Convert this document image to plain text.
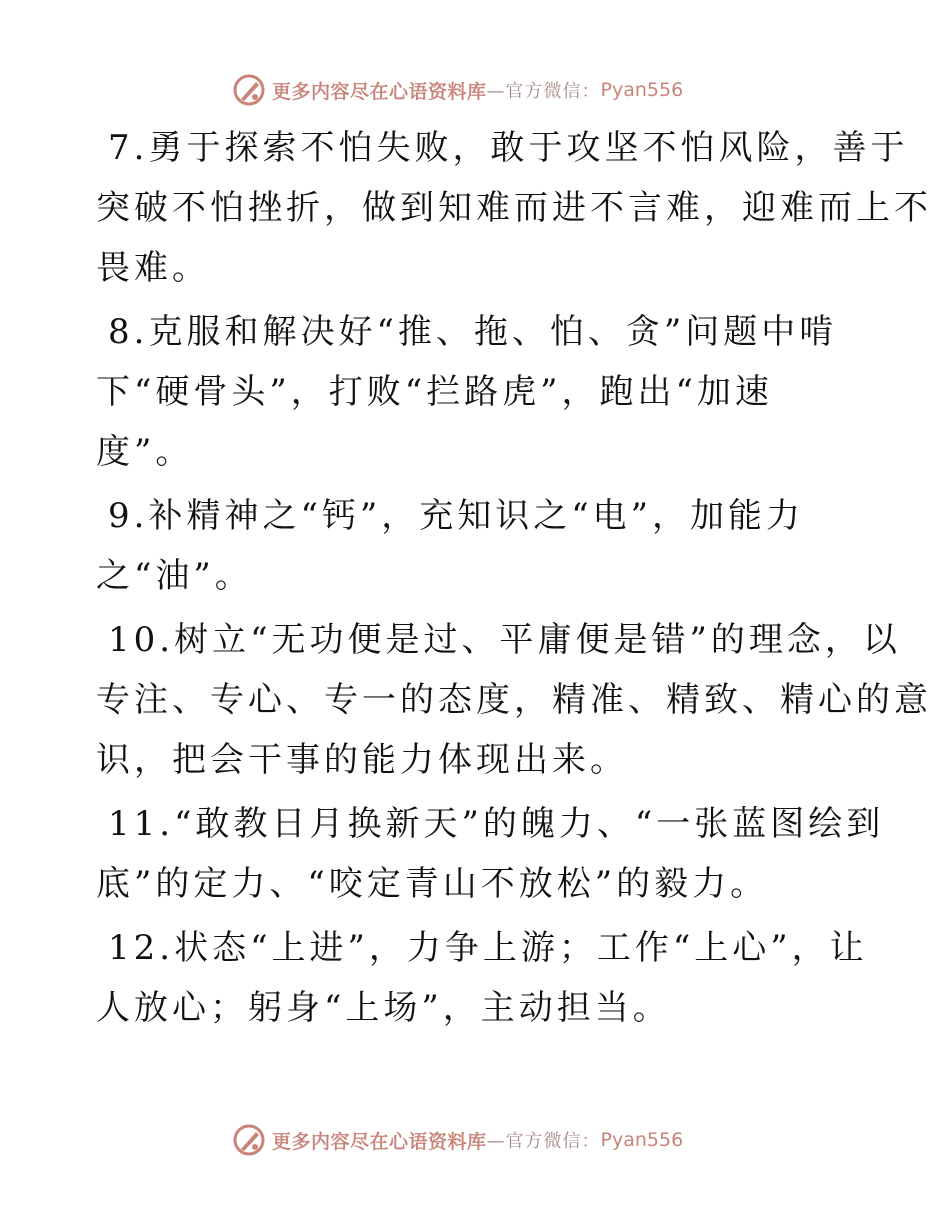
更多内容尽在心语资料库 —官方微信： Pyan556
7.勇于探索不怕失败，敢于攻坚不怕风险，善于
突破不怕挫折，做到知难而进不言难，迎难而上不
畏难。
8.克服和解决好“推、拖、怕、贪”问题中啃
下“硬骨头”，打败“拦路虎”，跑出“加速
度”。
9.补精神之“钙”，充知识之“电”，加能力
之“油”。
10.树立“无功便是过、平庸便是错”的理念，以
专注、专心、专一的态度，精准、精致、精心的意
识，把会干事的能力体现出来。
11.“敢教日月换新天”的魄力、“一张蓝图绘到
底”的定力、“咬定青山不放松”的毅力。
12.状态“上进”，力争上游；工作“上心”，让
人放心；躬身“上场”，主动担当。
更多内容尽在心语资料库 —官方微信： Pyan556
